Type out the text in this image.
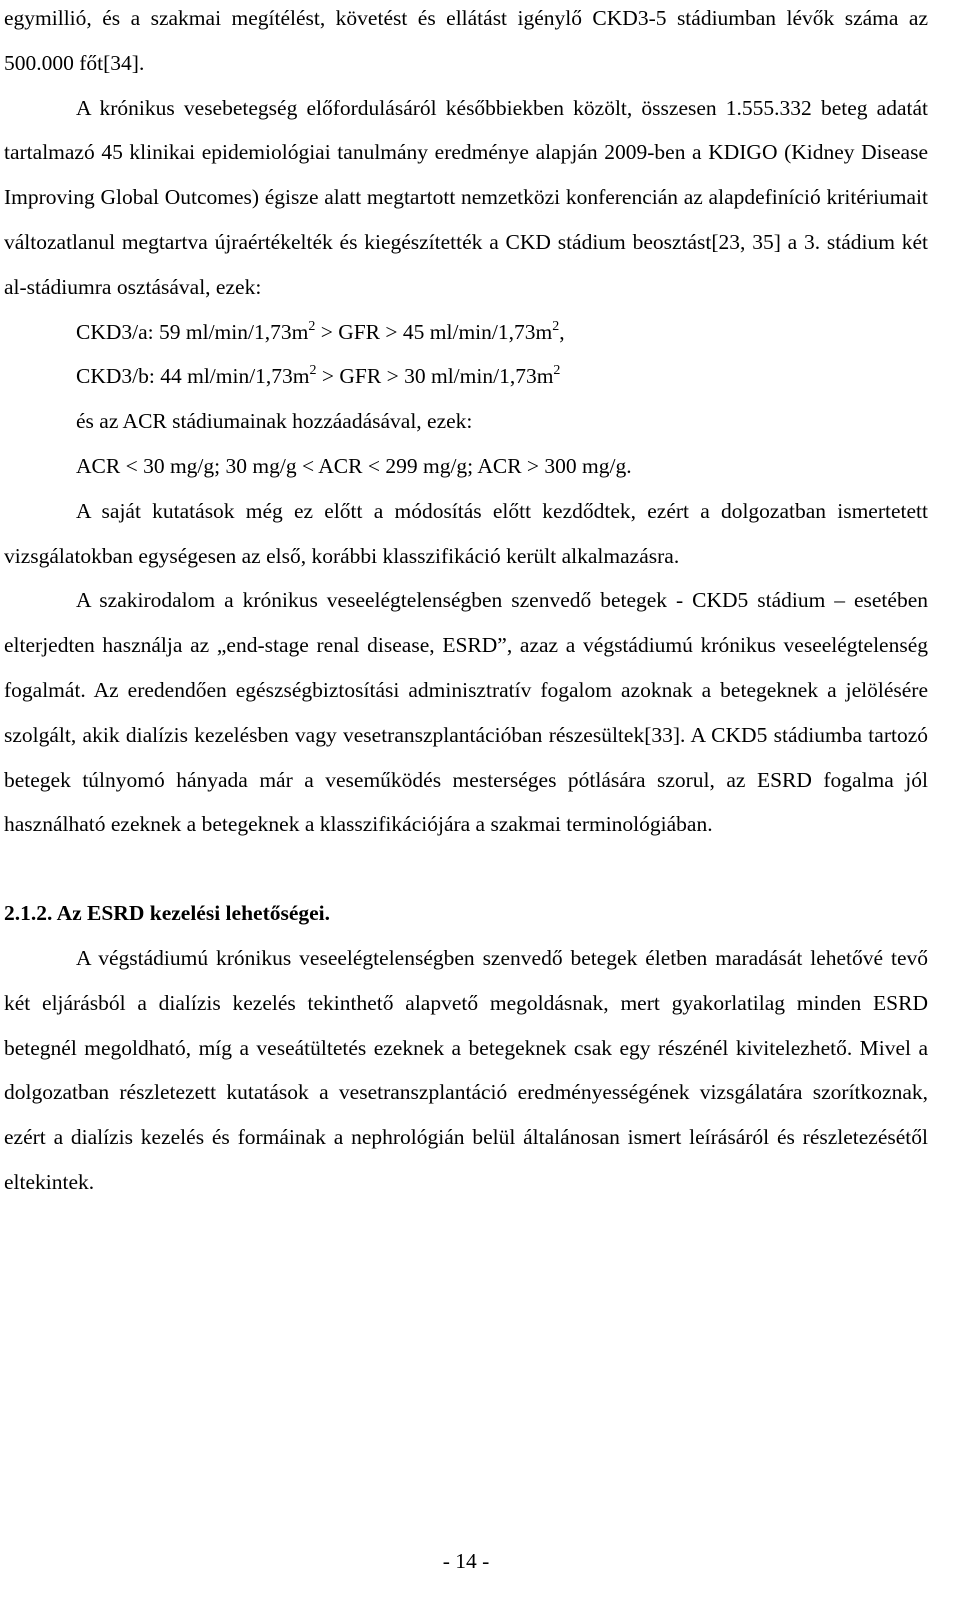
egymillió, és a szakmai megítélést, követést és ellátást igénylő CKD3-5 stádiumban lévők száma az 500.000 főt[34].

A krónikus vesebetegség előfordulásáról későbbiekben közölt, összesen 1.555.332 beteg adatát tartalmazó 45 klinikai epidemiológiai tanulmány eredménye alapján 2009-ben a KDIGO (Kidney Disease Improving Global Outcomes) égisze alatt megtartott nemzetközi konferencián az alapdefiníció kritériumait változatlanul megtartva újraértékelték és kiegészítették a CKD stádium beosztást[23, 35] a 3. stádium két al-stádiumra osztásával, ezek:

CKD3/a: 59 $ml/\min/1,73m^2$ > GFR > 45 $ml/\min/1,73m^2$,
CKD3/b: 44 $ml/\min/1,73m^2$ > GFR > 30 $ml/\min/1,73m^2$
és az ACR stádiumainak hozzáadásával, ezek:
ACR < 30 mg/g; 30 mg/g < ACR < 299 mg/g; ACR > 300 mg/g.

A saját kutatások még ez előtt a módosítás előtt kezdődtek, ezért a dolgozatban ismertetett vizsgálatokban egységesen az első, korábbi klasszifikáció került alkalmazásra.

A szakirodalom a krónikus veseelégtelenségben szenvedő betegek - CKD5 stádium – esetében elterjedten használja az „end-stage renal disease, ESRD”, azaz a végstádiumú krónikus veseelégtelenség fogalmát. Az eredendően egészségbiztosítási adminisztratív fogalom azoknak a betegeknek a jelölésére szolgált, akik dialízis kezelésben vagy vesetranszplantációban részesültek[33]. A CKD5 stádiumba tartozó betegek túlnyomó hányada már a veseműködés mesterséges pótlására szorul, az ESRD fogalma jól használható ezeknek a betegeknek a klasszifikációjára a szakmai terminológiában.

2.1.2. Az ESRD kezelési lehetőségei.

A végstádiumú krónikus veseelégtelenségben szenvedő betegek életben maradását lehetővé tevő két eljárásból a dialízis kezelés tekinthető alapvető megoldásnak, mert gyakorlatilag minden ESRD betegnél megoldható, míg a veseátültetés ezeknek a betegeknek csak egy részénél kivitelezhető. Mivel a dolgozatban részletezett kutatások a vesetranszplantáció eredményességének vizsgálatára szorítkoznak, ezért a dialízis kezelés és formáinak a nephrológián belül általánosan ismert leírásáról és részletezésétől eltekintek.

- 14 -
